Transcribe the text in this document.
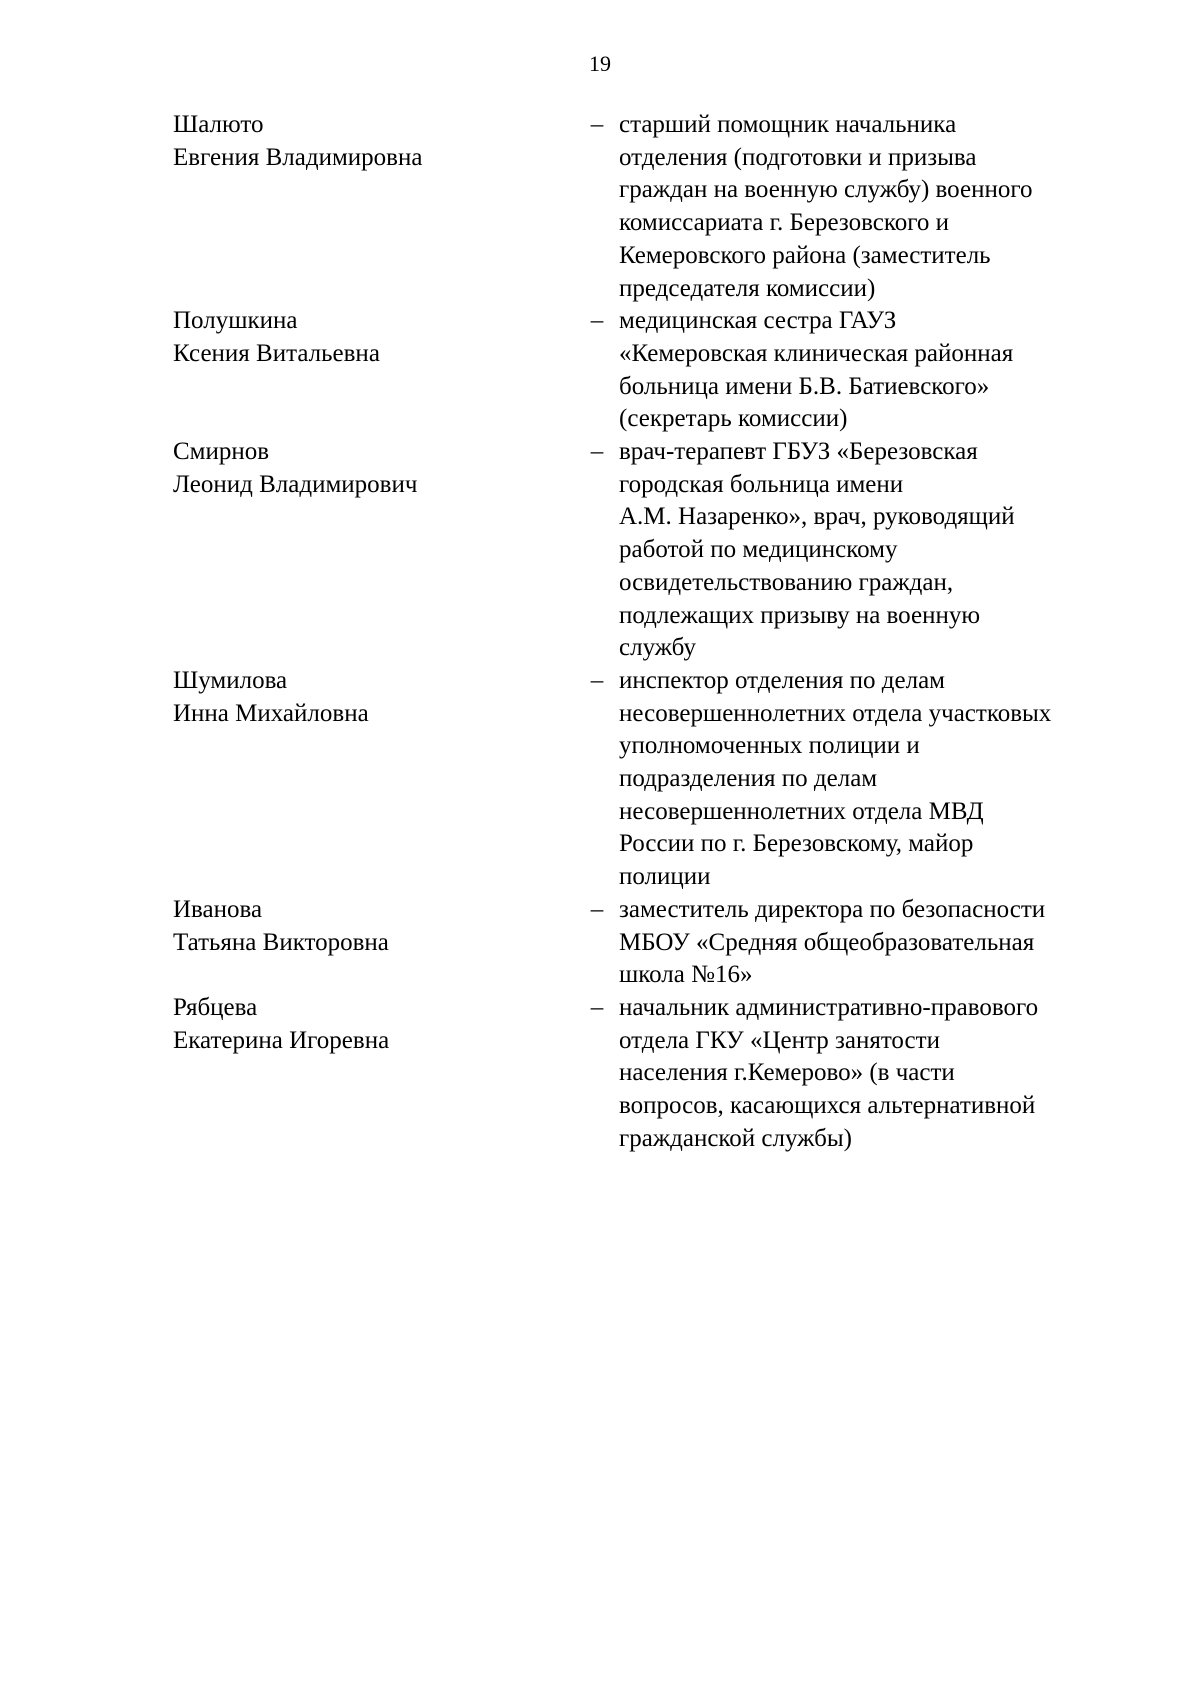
19
Шалюто
Евгения Владимировна
– старший помощник начальника
отделения (подготовки и призыва
граждан на военную службу) военного
комиссариата г. Березовского и
Кемеровского района (заместитель
председателя комиссии)
Полушкина
Ксения Витальевна
– медицинская сестра ГАУЗ
«Кемеровская клиническая районная
больница имени Б.В. Батиевского»
(секретарь комиссии)
Смирнов
Леонид Владимирович
– врач-терапевт ГБУЗ «Березовская
городская больница имени
А.М. Назаренко», врач, руководящий
работой по медицинскому
освидетельствованию граждан,
подлежащих призыву на военную
службу
Шумилова
Инна Михайловна
– инспектор отделения по делам
несовершеннолетних отдела участковых
уполномоченных полиции и
подразделения по делам
несовершеннолетних отдела МВД
России по г. Березовскому, майор
полиции
Иванова
Татьяна Викторовна
– заместитель директора по безопасности
МБОУ «Средняя общеобразовательная
школа №16»
Рябцева
Екатерина Игоревна
– начальник административно-правового
отдела ГКУ «Центр занятости
населения г.Кемерово» (в части
вопросов, касающихся альтернативной
гражданской службы)
